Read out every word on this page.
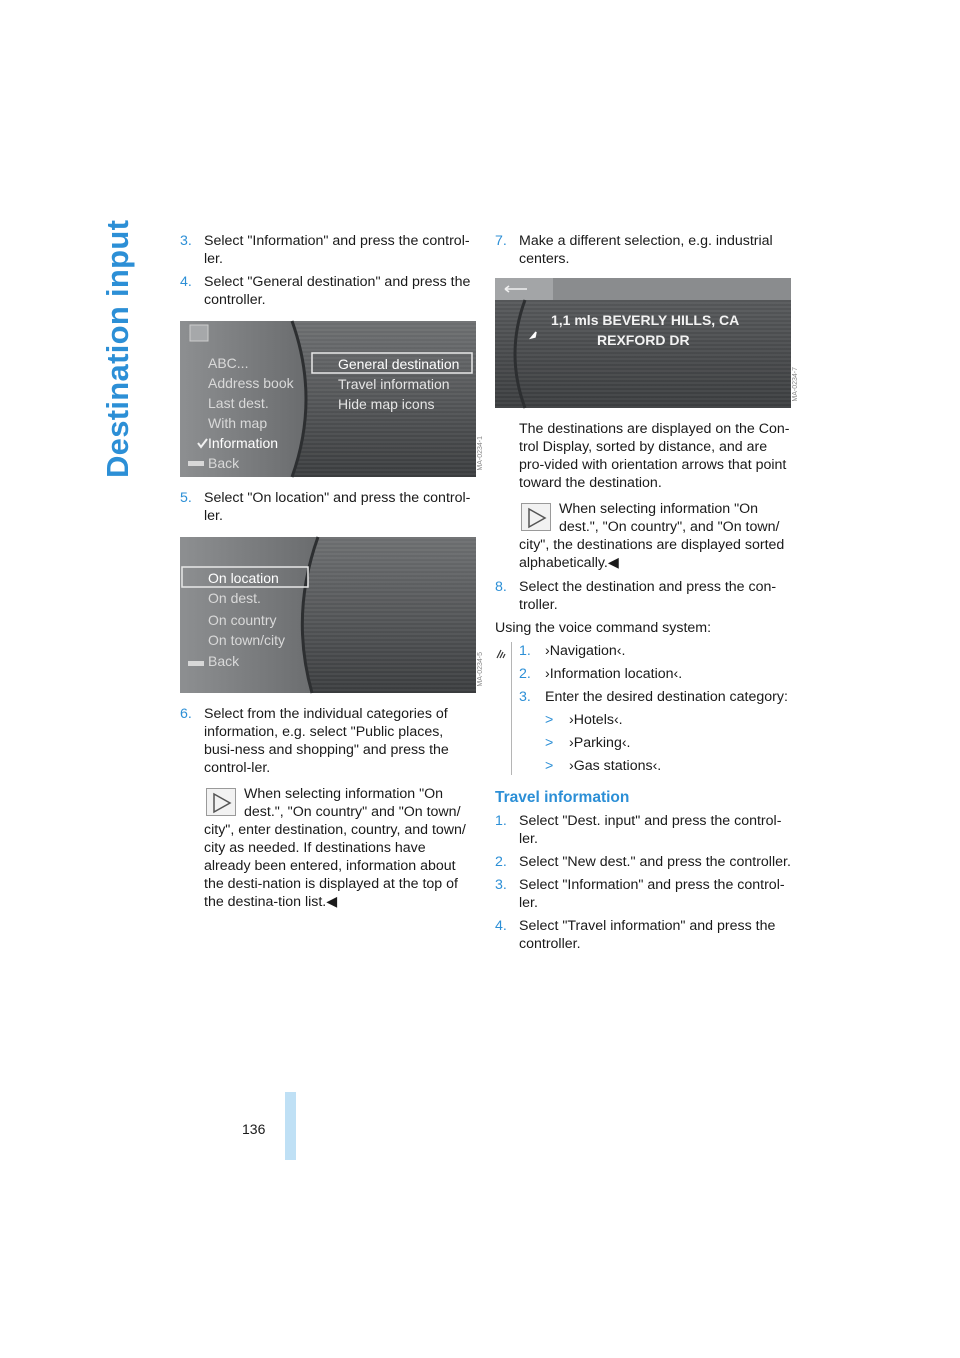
Destination input
136
3. Select "Information" and press the control-ler.
4. Select "General destination" and press the controller.
ABC...
Address book
Last dest.
With map
Information
Back
General destination
Travel information
Hide map icons
MA-0234-1
5. Select "On location" and press the control-ler.
On location
On dest.
On country
On town/city
Back	MA-0234-5
6. Select from the individual categories of information, e.g. select "Public places, busi-ness and shopping" and press the control-ler.
When selecting information "On dest.", "On country" and "On town/ city", enter destination, country, and town/ city as needed. If destinations have already been entered, information about the desti-nation is displayed at the top of the destina-tion list.◀
7. Make a different selection, e.g. industrial centers.
1,1 mls BEVERLY HILLS, CA
REXFORD DR
MA-0234-7
The destinations are displayed on the Con-trol Display, sorted by distance, and are pro-vided with orientation arrows that point toward the destination.
When selecting information "On dest.", "On country", and "On town/ city", the destinations are displayed sorted alphabetically.◀
8. Select the destination and press the con-troller.
Using the voice command system:
1. ›Navigation‹.
2. ›Information location‹.
3. Enter the desired destination category:
> ›Hotels‹.
> ›Parking‹.
> ›Gas stations‹.
Travel information
1. Select "Dest. input" and press the control-ler.
2. Select "New dest." and press the controller.
3. Select "Information" and press the control-ler.
4. Select "Travel information" and press the controller.
